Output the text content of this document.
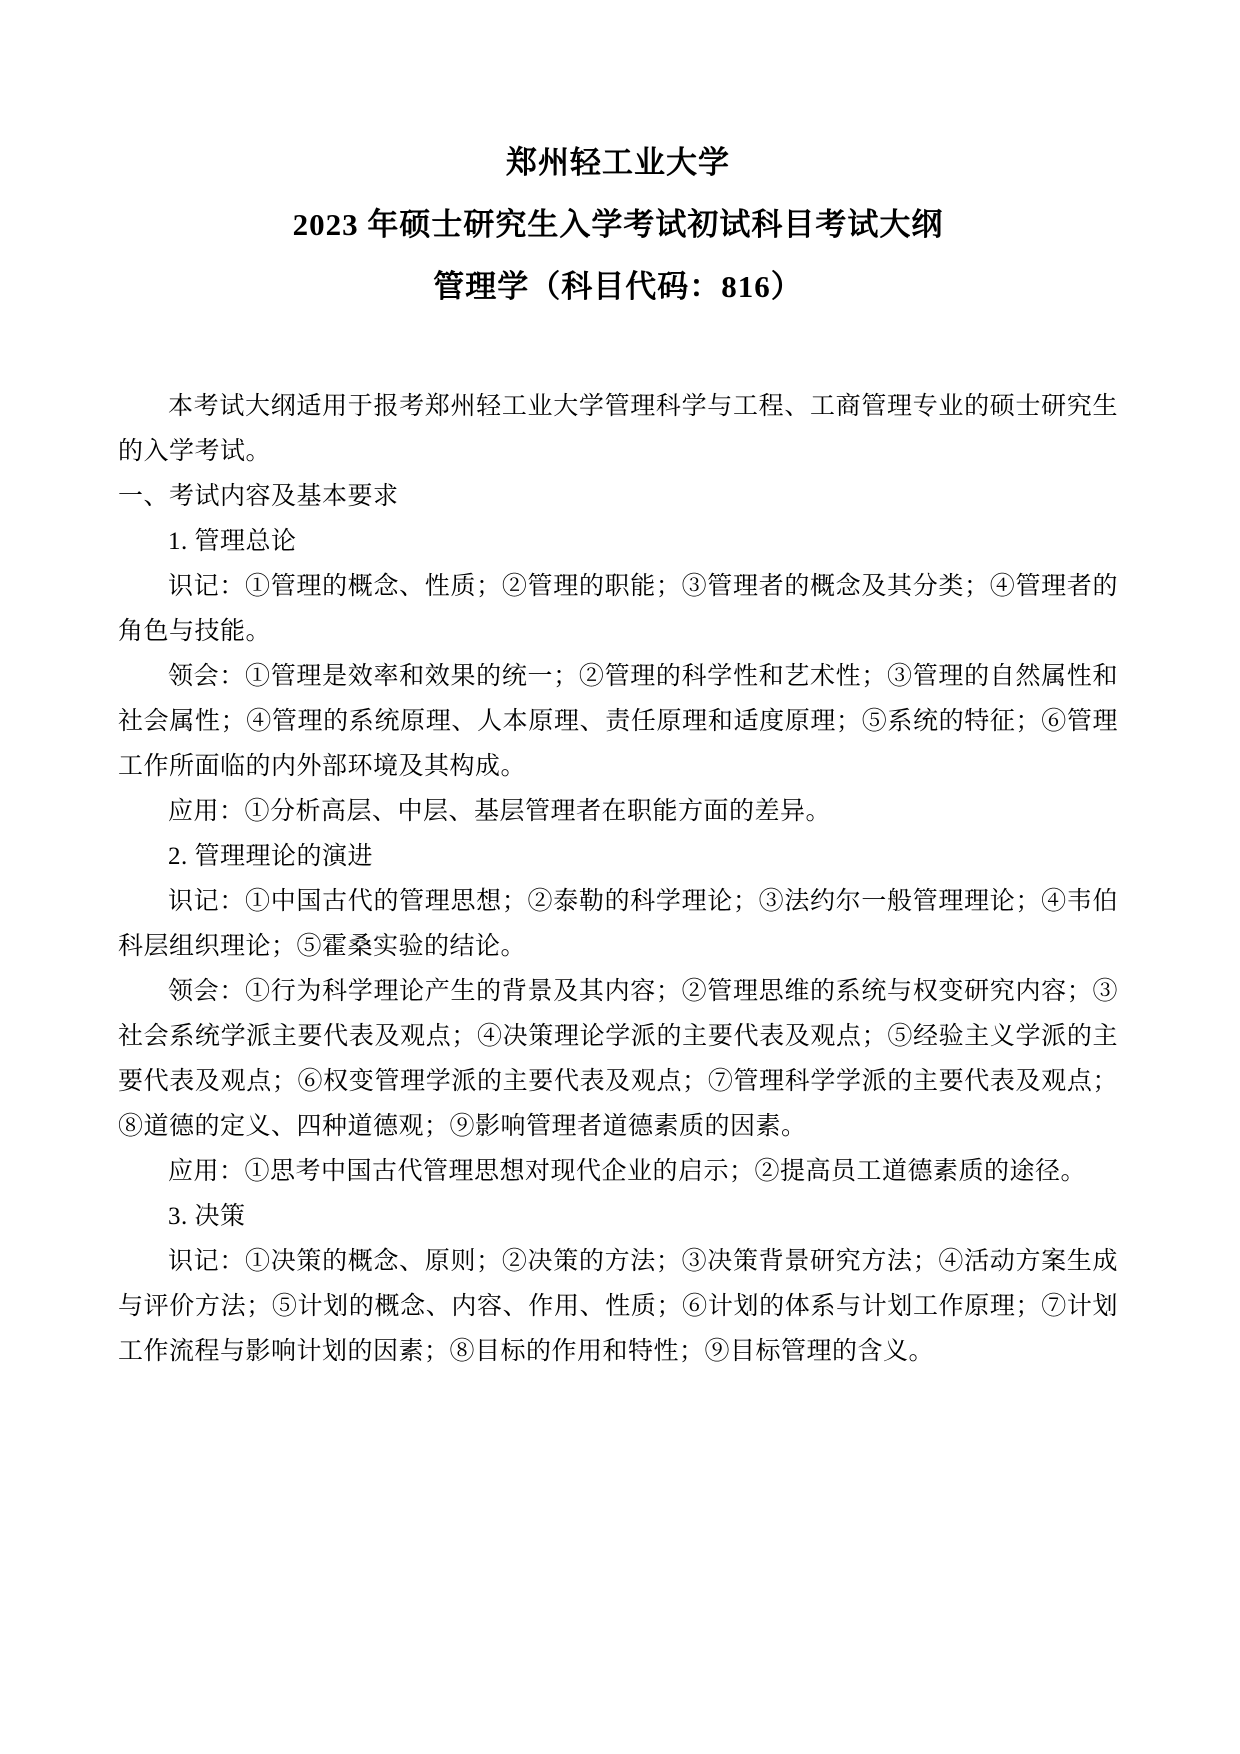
郑州轻工业大学
2023 年硕士研究生入学考试初试科目考试大纲
管理学（科目代码：816）

本考试大纲适用于报考郑州轻工业大学管理科学与工程、工商管理专业的硕士研究生的入学考试。

一、考试内容及基本要求

1. 管理总论

识记：①管理的概念、性质；②管理的职能；③管理者的概念及其分类；④管理者的角色与技能。

领会：①管理是效率和效果的统一；②管理的科学性和艺术性；③管理的自然属性和社会属性；④管理的系统原理、人本原理、责任原理和适度原理；⑤系统的特征；⑥管理工作所面临的内外部环境及其构成。

应用：①分析高层、中层、基层管理者在职能方面的差异。

2. 管理理论的演进

识记：①中国古代的管理思想；②泰勒的科学理论；③法约尔一般管理理论；④韦伯科层组织理论；⑤霍桑实验的结论。

领会：①行为科学理论产生的背景及其内容；②管理思维的系统与权变研究内容；③社会系统学派主要代表及观点；④决策理论学派的主要代表及观点；⑤经验主义学派的主要代表及观点；⑥权变管理学派的主要代表及观点；⑦管理科学学派的主要代表及观点；⑧道德的定义、四种道德观；⑨影响管理者道德素质的因素。

应用：①思考中国古代管理思想对现代企业的启示；②提高员工道德素质的途径。

3. 决策

识记：①决策的概念、原则；②决策的方法；③决策背景研究方法；④活动方案生成与评价方法；⑤计划的概念、内容、作用、性质；⑥计划的体系与计划工作原理；⑦计划工作流程与影响计划的因素；⑧目标的作用和特性；⑨目标管理的含义。
